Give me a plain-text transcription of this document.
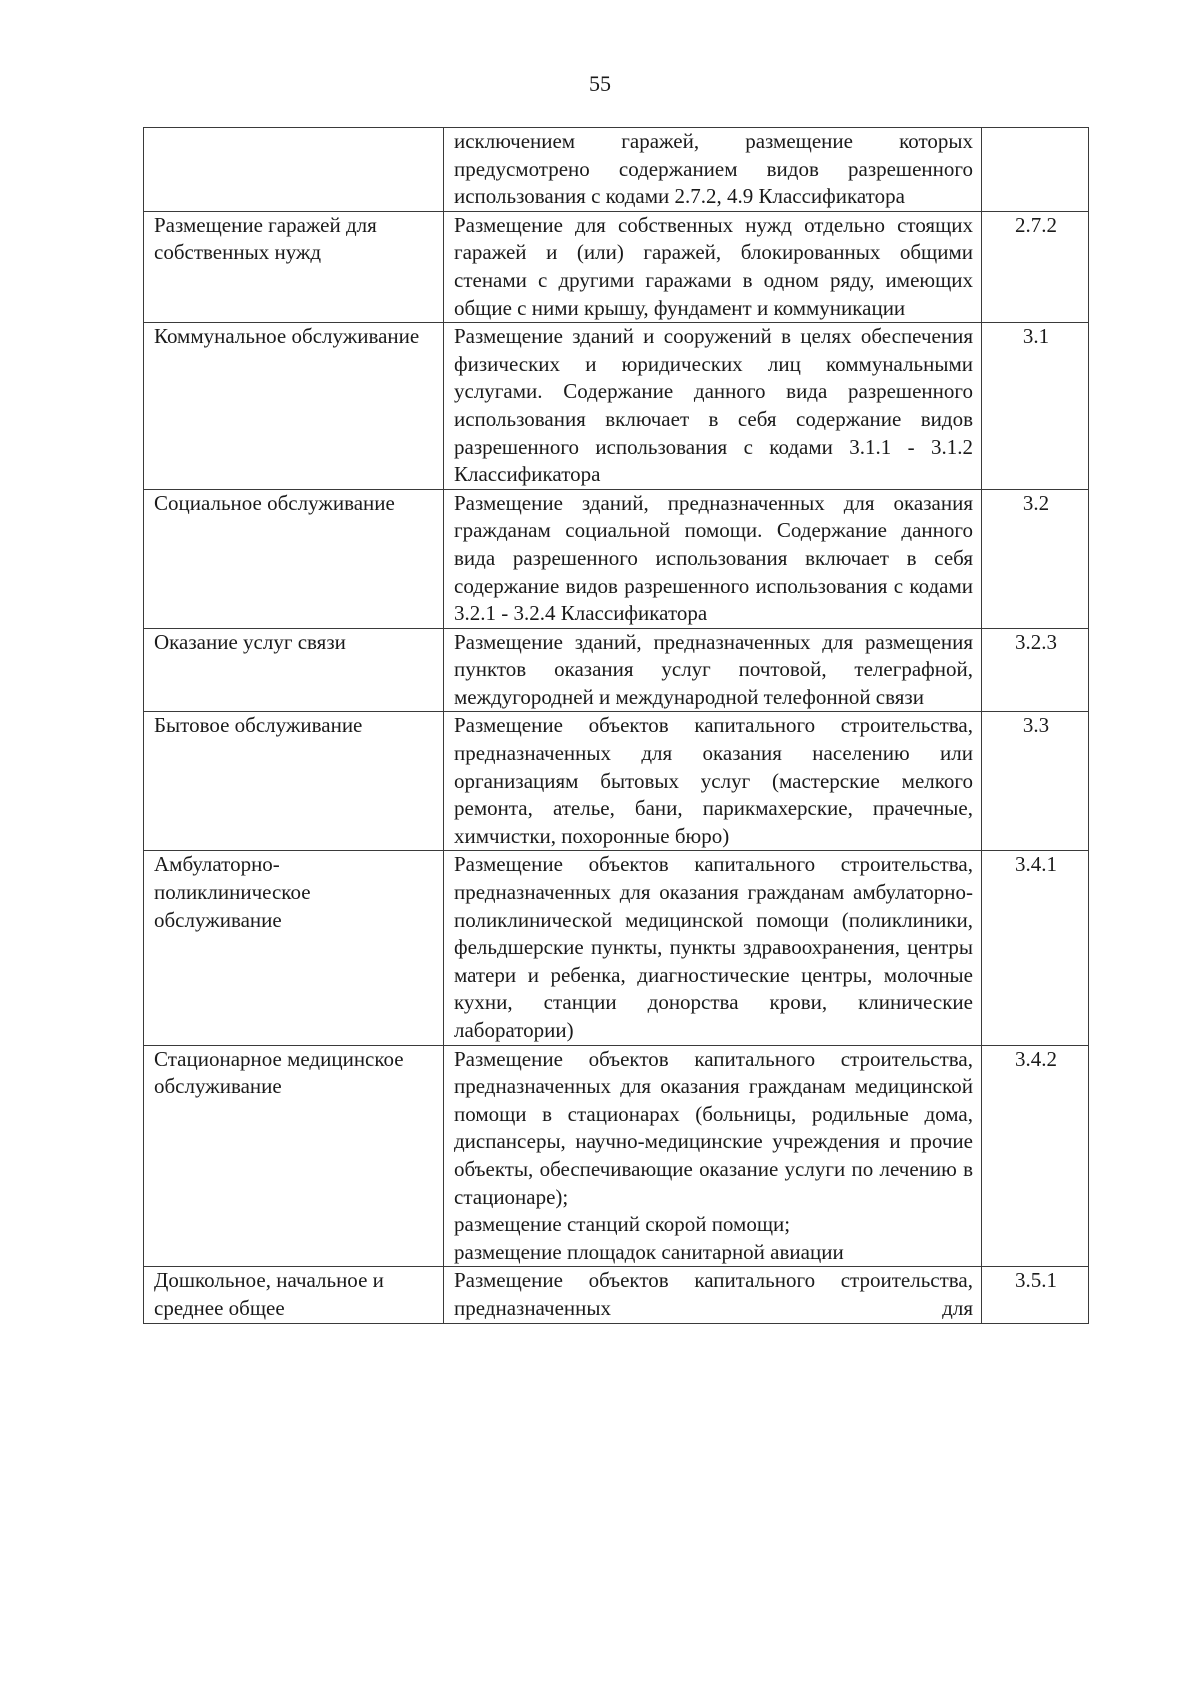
55

	исключением гаражей, размещение которых предусмотрено содержанием видов разрешенного использования с кодами 2.7.2, 4.9 Классификатора	

Размещение гаражей для собственных нужд	Размещение для собственных нужд отдельно стоящих гаражей и (или) гаражей, блокированных общими стенами с другими гаражами в одном ряду, имеющих общие с ними крышу, фундамент и коммуникации	2.7.2
Коммунальное обслуживание	Размещение зданий и сооружений в целях обеспечения физических и юридических лиц коммунальными услугами. Содержание данного вида разрешенного использования включает в себя содержание видов разрешенного использования с кодами 3.1.1 - 3.1.2 Классификатора	3.1
Социальное обслуживание	Размещение зданий, предназначенных для оказания гражданам социальной помощи. Содержание данного вида разрешенного использования включает в себя содержание видов разрешенного использования с кодами 3.2.1 - 3.2.4 Классификатора	3.2
Оказание услуг связи	Размещение зданий, предназначенных для размещения пунктов оказания услуг почтовой, телеграфной, междугородней и международной телефонной связи	3.2.3
Бытовое обслуживание	Размещение объектов капитального строительства, предназначенных для оказания населению или организациям бытовых услуг (мастерские мелкого ремонта, ателье, бани, парикмахерские, прачечные, химчистки, похоронные бюро)	3.3
Амбулаторно-поликлиническое обслуживание	Размещение объектов капитального строительства, предназначенных для оказания гражданам амбулаторно-поликлинической медицинской помощи (поликлиники, фельдшерские пункты, пункты здравоохранения, центры матери и ребенка, диагностические центры, молочные кухни, станции донорства крови, клинические лаборатории)	3.4.1
Стационарное медицинское обслуживание	Размещение объектов капитального строительства, предназначенных для оказания гражданам медицинской помощи в стационарах (больницы, родильные дома, диспансеры, научно-медицинские учреждения и прочие объекты, обеспечивающие оказание услуги по лечению в стационаре);
размещение станций скорой помощи;
размещение площадок санитарной авиации	3.4.2
Дошкольное, начальное и среднее общее	Размещение объектов капитального строительства, предназначенных для	3.5.1
